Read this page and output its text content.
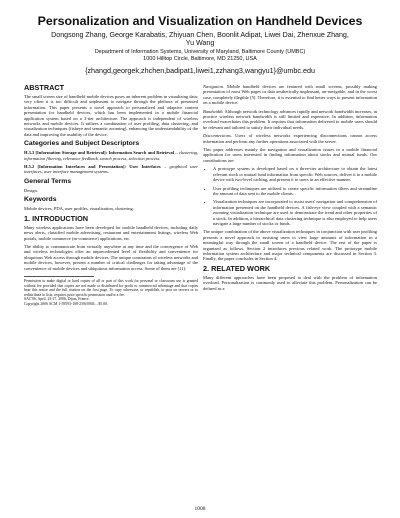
Personalization and Visualization on Handheld Devices
Dongsong Zhang, George Karabatis, Zhiyuan Chen, Boonlit Adipat, Liwei Dai, Zhenxue Zhang,
Yu Wang
Department of Information Systems, University of Maryland, Baltimore County (UMBC)
1000 Hilltop Circle, Baltimore, MD 21250, USA
{zhangd,georgek,zhchen,badipat1,liwei1,zzhang3,wangyu1}@umbc.edu
ABSTRACT
The small screen size of handheld mobile devices poses an inherent problem in visualizing data: very often it is too difficult and unpleasant to navigate through the plethora of presented information. This paper presents a novel approach to personalized and adaptive content presentation for handheld devices, which has been implemented in a mobile financial application system based on a 3-tier architecture. The approach is independent of wireless networks and mobile devices. It utilizes a combination of user profiling, data clustering, and visualization techniques (fisheye and semantic zooming), enhancing the understandability of the data and improving the usability of the device.
Categories and Subject Descriptors
H.3.3 [Information Storage and Retrieval]: Information Search and Retrieval – clustering, information filtering, relevance feedback, search process, selection process.
H.5.2 [Information Interfaces and Presentation]: User Interfaces – graphical user interfaces, user interface management systems.
General Terms
Design.
Keywords
Mobile devices, PDA, user profiles, visualization, clustering.
1. INTRODUCTION
Many wireless applications have been developed for mobile handheld devices, including daily news alerts, classified mobile advertising, restaurant and entertainment listings, wireless Web portals, mobile commerce (m-commerce) applications, etc.
The ability to communicate from virtually anywhere at any time and the convergence of Web and wireless technologies offer an unprecedented level of flexibility and convenience for ubiquitous Web access through mobile devices. The unique constraints of wireless networks and mobile devices, however, present a number of critical challenges for taking advantage of the convenience of mobile devices and ubiquitous information access. Some of them are [11]:
Permission to make digital or hard copies of all or part of this work for personal or classroom use is granted without fee provided that copies are not made or distributed for profit or commercial advantage and that copies bear this notice and the full citation on the first page. To copy otherwise, or republish, to post on servers or to redistribute to lists, requires prior specific permission and/or a fee.
SAC'06, April, 23-27, 2006, Dijon, France.
Copyright 2006 ACM 1-59593-108-2/06/0004…$5.00.
Navigation. Mobile handheld devices are featured with small screens, possibly making presentation of most Web pages or data aesthetically unpleasant, un-navigable, and in the worst case, completely illegible [5]. Therefore, it is essential to find better ways to present information on a mobile device.
Bandwidth. Although network technology advances rapidly and network bandwidth increases, in practice wireless network bandwidth is still limited and expensive. In addition, information overload exacerbates this problem. It requires that information delivered to mobile users should be relevant and tailored to satisfy their individual needs.
Disconnections. Users of wireless networks experiencing disconnections cannot access information and perform any further operations associated with the server.
This paper addresses mainly the navigation and visualization issues in a mobile financial application for users interested in finding information about stocks and mutual funds. Our contributions are:
• A prototype system is developed based on a three-tier architecture to obtain the latest relevant stock or mutual fund information from specific Web sources, deliver it to a mobile device with two-level caching, and present it to users in an effective manner.
• User profiling techniques are utilized to create specific information filters and streamline the amount of data sent to the mobile clients.
• Visualization techniques are incorporated to assist users' navigation and comprehension of information presented on the handheld devices. A fish-eye view coupled with a semantic zooming visualization technique are used to demonstrate the trend and other properties of a stock. In addition, a hierarchical data clustering technique is also employed to help users navigate a large number of stocks or funds.
The unique combination of the above visualization techniques in conjunction with user profiling presents a novel approach to assisting users to view large amounts of information in a meaningful way through the small screen of a handheld device. The rest of the paper is organized as follows. Section 2 introduces previous related work. The prototype mobile information system architecture and major technical components are discussed in Section 3. Finally, the paper concludes in Section 4.
2. RELATED WORK
Many different approaches have been proposed to deal with the problem of information overload. Personalization is commonly used to alleviate this problem. Personalization can be defined as a
1008
